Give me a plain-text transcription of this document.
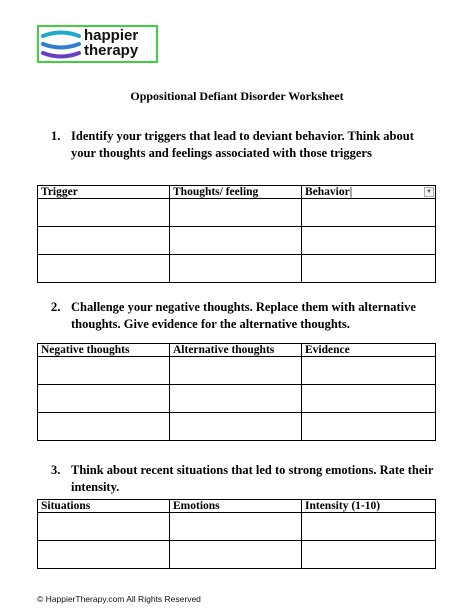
happier
therapy
Oppositional Defiant Disorder Worksheet
1. Identify your triggers that lead to deviant behavior. Think about your thoughts and feelings associated with those triggers
Trigger	Thoughts/ feeling	Behavior| ▼

2. Challenge your negative thoughts. Replace them with alternative thoughts. Give evidence for the alternative thoughts.
Negative thoughts	Alternative thoughts	Evidence

3. Think about recent situations that led to strong emotions. Rate their intensity.
Situations	Emotions	Intensity (1-10)

© HappierTherapy.com All Rights Reserved
